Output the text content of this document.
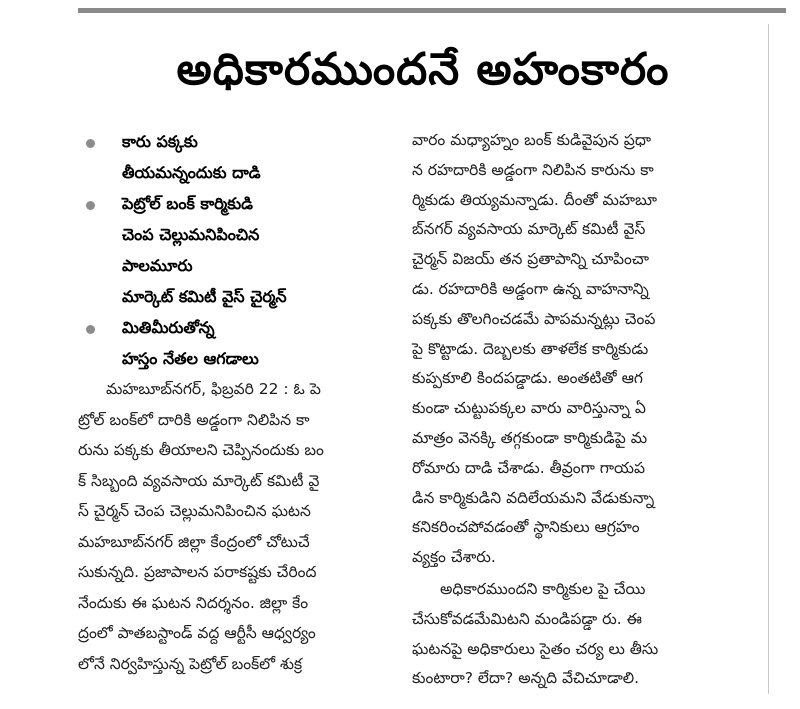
అధికారముందనే అహంకారం
కారు పక్కకు
తీయమన్నందుకు దాడి
పెట్రోల్ బంక్ కార్మికుడి
చెంప చెల్లుమనిపించిన
పాలమూరు
మార్కెట్ కమిటీ వైస్ చైర్మన్
మితిమీరుతోన్న
హస్తం నేతల ఆగడాలు
మహబూబ్‌నగర్, ఫిబ్రవరి 22 : ఓ పె
ట్రోల్ బంక్‌లో దారికి అడ్డంగా నిలిపిన కా
రును పక్కకు తీయాలని చెప్పినందుకు బం
క్ సిబ్బంది వ్యవసాయ మార్కెట్ కమిటీ వై
స్ చైర్మన్ చెంప చెల్లుమనిపించిన ఘటన
మహబూబ్‌నగర్ జిల్లా కేంద్రంలో చోటుచే
సుకున్నది. ప్రజాపాలన పరాకష్టకు చేరింద
నేందుకు ఈ ఘటన నిదర్శనం. జిల్లా కేం
ద్రంలో పాతబస్టాండ్ వద్ద ఆర్టీసీ ఆధ్వర్యం
లోనే నిర్వహిస్తున్న పెట్రోల్ బంక్‌లో శుక్ర
వారం మధ్యాహ్నం బంక్ కుడివైపున ప్రధా
న రహదారికి అడ్డంగా నిలిపిన కారును కా
ర్మికుడు తియ్యమన్నాడు. దీంతో మహబూ
బ్‌నగర్ వ్యవసాయ మార్కెట్ కమిటీ వైస్
చైర్మన్ విజయ్ తన ప్రతాపాన్ని చూపించా
డు. రహదారికి అడ్డంగా ఉన్న వాహనాన్ని
పక్కకు తొలగించడమే పాపమన్నట్లు చెంప
పై కొట్టాడు. దెబ్బలకు తాళలేక కార్మికుడు
కుప్పకూలి కిందపడ్డాడు. అంతటితో ఆగ
కుండా చుట్టుపక్కల వారు వారిస్తున్నా ఏ
మాత్రం వెనక్కి తగ్గకుండా కార్మికుడిపై మ
రోమారు దాడి చేశాడు. తీవ్రంగా గాయప
డిన కార్మికుడిని వదిలేయమని వేడుకున్నా
కనికరించపోవడంతో స్థానికులు ఆగ్రహం
వ్యక్తం చేశారు.
అధికారముందని కార్మికుల పై చేయి
చేసుకోవడమేమిటని మండిపడ్డా రు. ఈ
ఘటనపై అధికారులు సైతం చర్య లు తీసు
కుంటారా? లేదా? అన్నది వేచిచూడాలి.
